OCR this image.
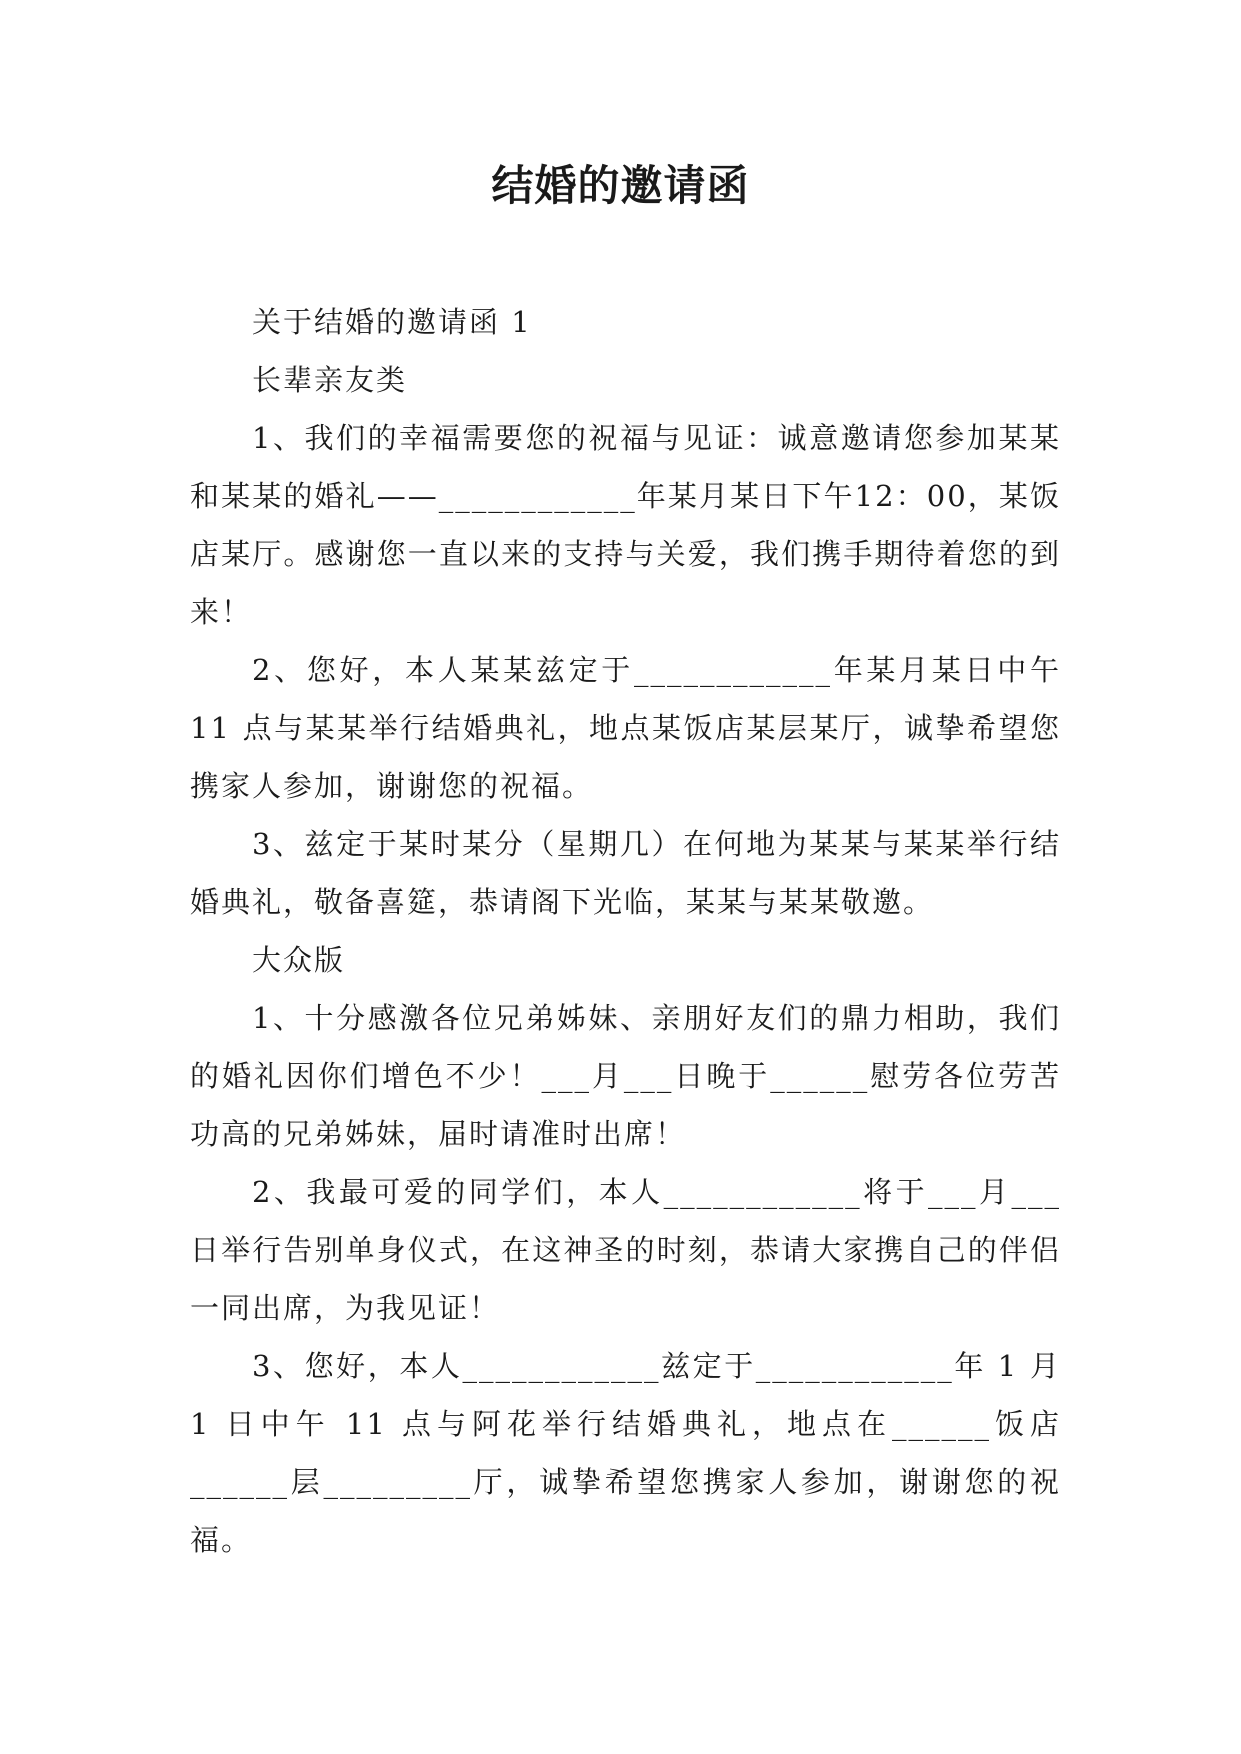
结婚的邀请函

关于结婚的邀请函 1

长辈亲友类

1、我们的幸福需要您的祝福与见证：诚意邀请您参加某某和某某的婚礼——____________年某月某日下午12：00，某饭店某厅。感谢您一直以来的支持与关爱，我们携手期待着您的到来！

2、您好，本人某某兹定于____________年某月某日中午 11 点与某某举行结婚典礼，地点某饭店某层某厅，诚挚希望您携家人参加，谢谢您的祝福。

3、兹定于某时某分（星期几）在何地为某某与某某举行结婚典礼，敬备喜筵，恭请阁下光临，某某与某某敬邀。

大众版

1、十分感激各位兄弟姊妹、亲朋好友们的鼎力相助，我们的婚礼因你们增色不少！___月___日晚于______慰劳各位劳苦功高的兄弟姊妹，届时请准时出席！

2、我最可爱的同学们，本人____________将于___月___日举行告别单身仪式，在这神圣的时刻，恭请大家携自己的伴侣一同出席，为我见证！

3、您好，本人____________兹定于____________年 1 月 1 日中午 11 点与阿花举行结婚典礼，地点在______饭店______层_________厅，诚挚希望您携家人参加，谢谢您的祝福。
